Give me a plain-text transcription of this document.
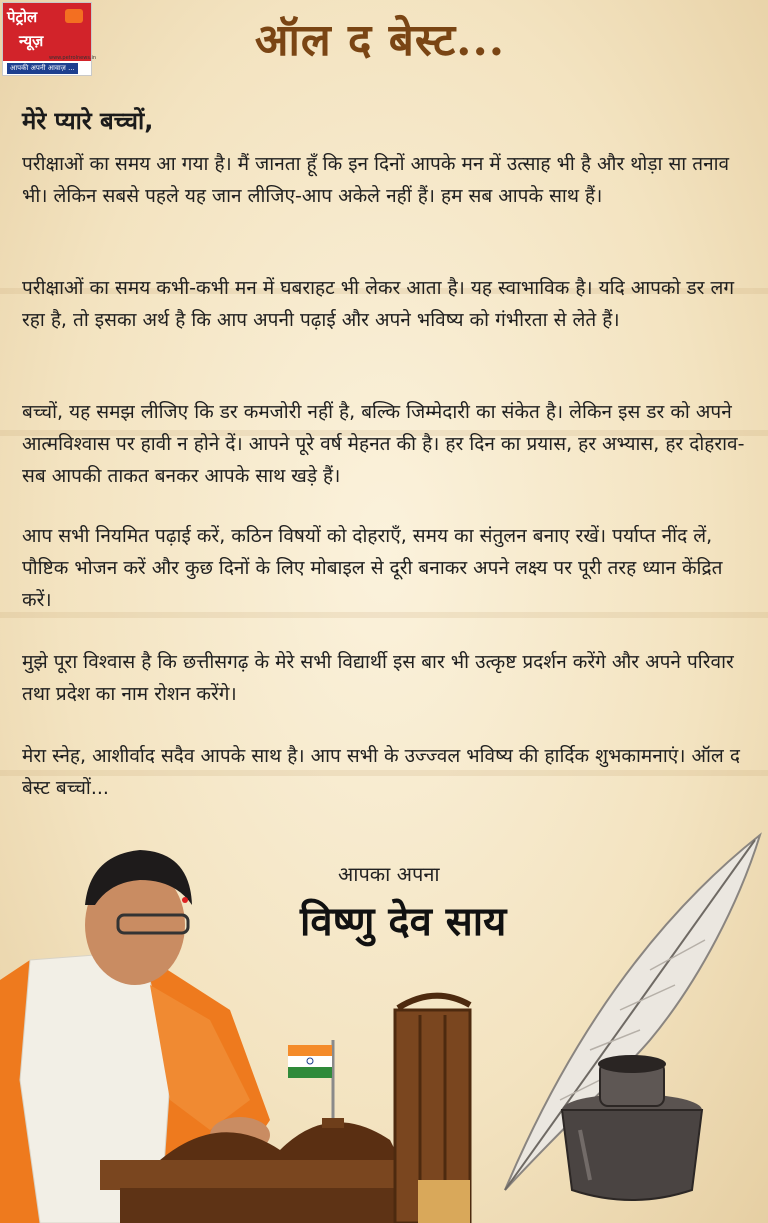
पेट्रोल
न्यूज़
www.petrolnews.in
आपकी अपनी आवाज़ ...
ऑल द बेस्ट...
मेरे प्यारे बच्चों,
परीक्षाओं का समय आ गया है। मैं जानता हूँ कि इन दिनों आपके मन में उत्साह भी है और थोड़ा सा तनाव भी। लेकिन सबसे पहले यह जान लीजिए-आप अकेले नहीं हैं। हम सब आपके साथ हैं।
परीक्षाओं का समय कभी-कभी मन में घबराहट भी लेकर आता है। यह स्वाभाविक है। यदि आपको डर लग रहा है, तो इसका अर्थ है कि आप अपनी पढ़ाई और अपने भविष्य को गंभीरता से लेते हैं।
बच्चों, यह समझ लीजिए कि डर कमजोरी नहीं है, बल्कि जिम्मेदारी का संकेत है। लेकिन इस डर को अपने आत्मविश्वास पर हावी न होने दें। आपने पूरे वर्ष मेहनत की है। हर दिन का प्रयास, हर अभ्यास, हर दोहराव-सब आपकी ताकत बनकर आपके साथ खड़े हैं।
आप सभी नियमित पढ़ाई करें, कठिन विषयों को दोहराएँ, समय का संतुलन बनाए रखें। पर्याप्त नींद लें, पौष्टिक भोजन करें और कुछ दिनों के लिए मोबाइल से दूरी बनाकर अपने लक्ष्य पर पूरी तरह ध्यान केंद्रित करें।
मुझे पूरा विश्वास है कि छत्तीसगढ़ के मेरे सभी विद्यार्थी इस बार भी उत्कृष्ट प्रदर्शन करेंगे और अपने परिवार तथा प्रदेश का नाम रोशन करेंगे।
मेरा स्नेह, आशीर्वाद सदैव आपके साथ है। आप सभी के उज्ज्वल भविष्य की हार्दिक शुभकामनाएं। ऑल द बेस्ट बच्चों...
आपका अपना
विष्णु देव साय
